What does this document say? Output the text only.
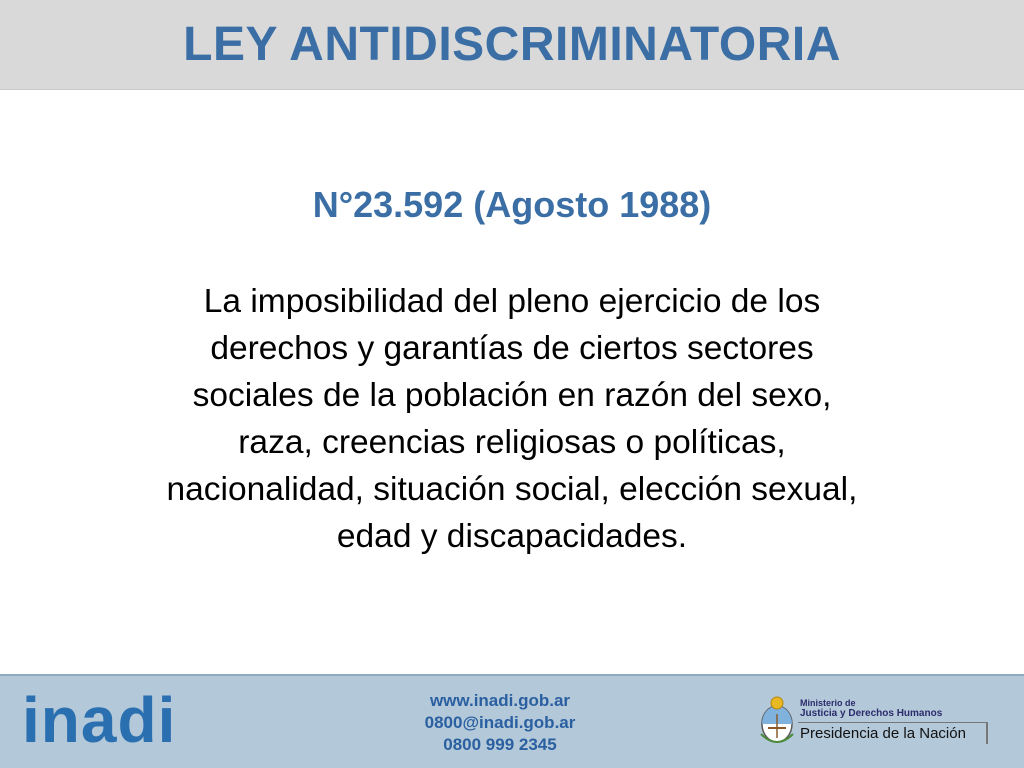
LEY ANTIDISCRIMINATORIA
N°23.592 (Agosto 1988)
La imposibilidad del pleno ejercicio de los
derechos y garantías de ciertos sectores
sociales de la población en razón del sexo,
raza, creencias religiosas o políticas,
nacionalidad, situación social, elección sexual,
edad y discapacidades.
inadi	www.inadi.gob.ar
0800@inadi.gob.ar
0800 999 2345
Ministerio de
Justicia y Derechos Humanos
Presidencia de la Nación
